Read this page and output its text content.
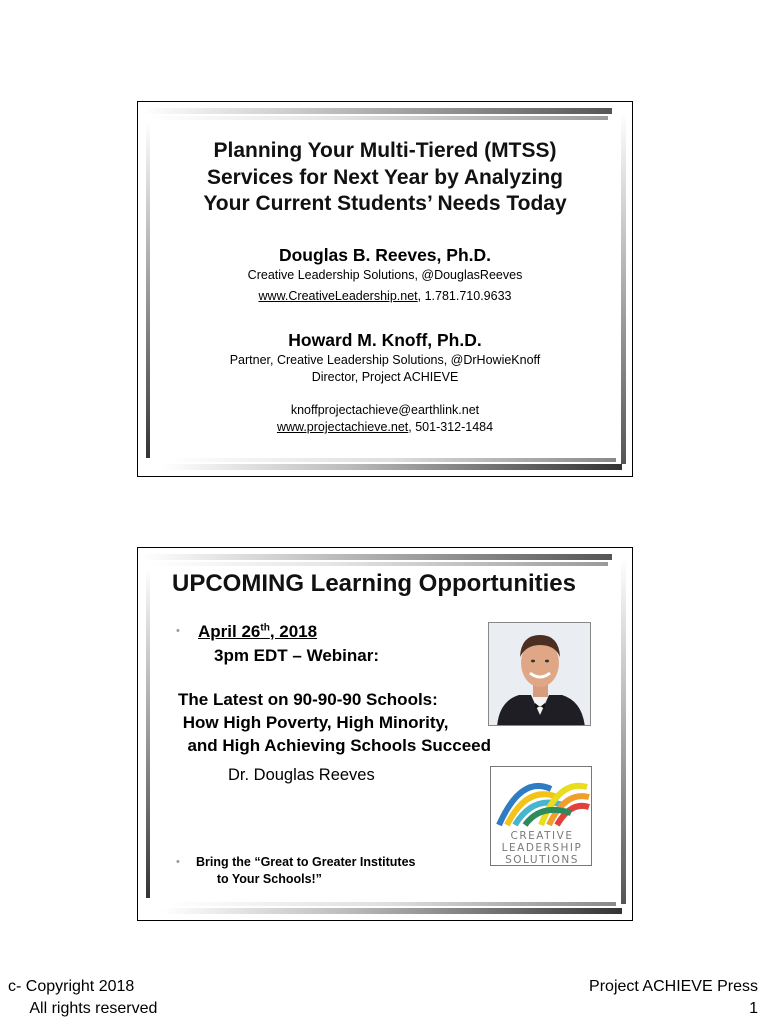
Planning Your Multi-Tiered (MTSS)
Services for Next Year by Analyzing
Your Current Students’ Needs Today
Douglas B. Reeves, Ph.D.
Creative Leadership Solutions, @DouglasReeves
www.CreativeLeadership.net, 1.781.710.9633
Howard M. Knoff, Ph.D.
Partner, Creative Leadership Solutions, @DrHowieKnoff
Director, Project ACHIEVE
knoffprojectachieve@earthlink.net
www.projectachieve.net, 501-312-1484
UPCOMING Learning Opportunities
• April 26th, 2018
3pm EDT – Webinar:
The Latest on 90-90-90 Schools:
How High Poverty, High Minority,
and High Achieving Schools Succeed
Dr. Douglas Reeves
• Bring the “Great to Greater Institutes
to Your Schools!”
CREATIVE
LEADERSHIP
SOLUTIONS
c- Copyright 2018
All rights reserved
Project ACHIEVE Press
1
